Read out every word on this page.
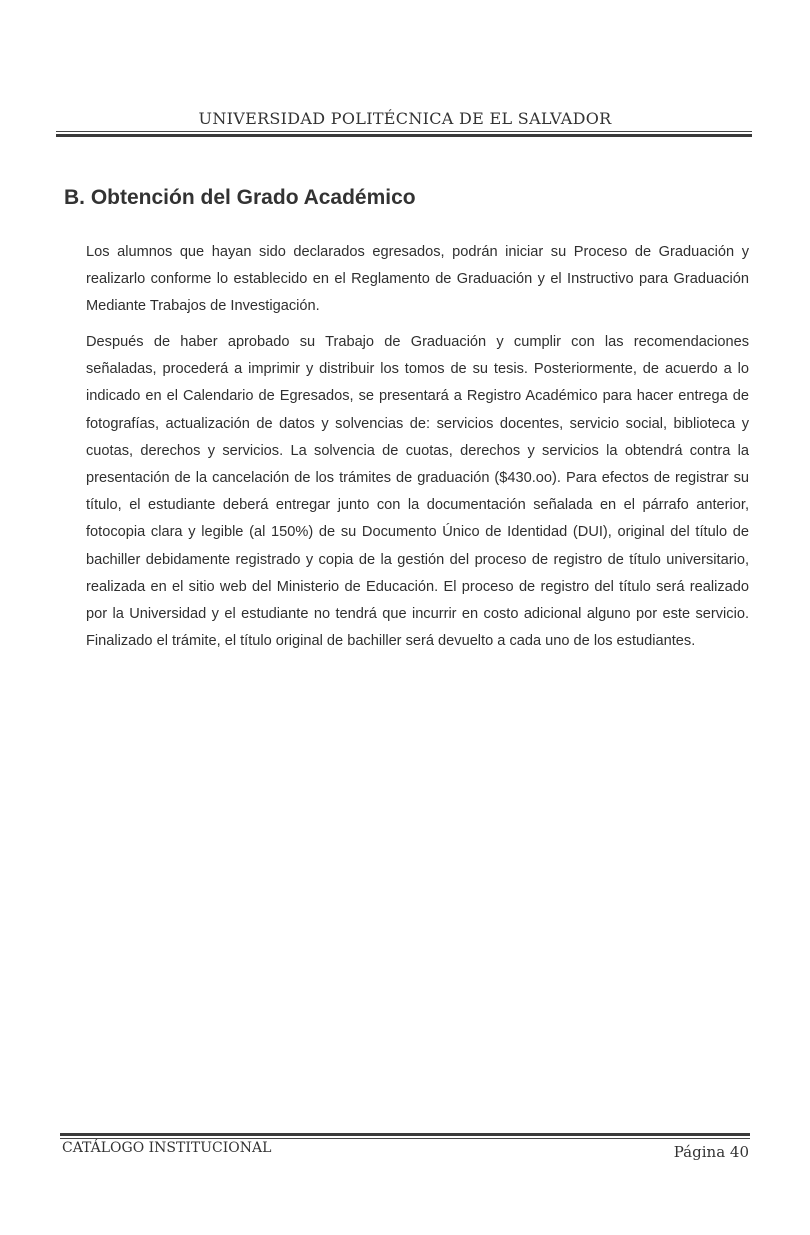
UNIVERSIDAD POLITÉCNICA DE EL SALVADOR
B. Obtención del Grado Académico

Los alumnos que hayan sido declarados egresados, podrán iniciar su Proceso de Graduación y realizarlo conforme lo establecido en el Reglamento de Graduación y el Instructivo para Graduación Mediante Trabajos de Investigación.

Después de haber aprobado su Trabajo de Graduación y cumplir con las recomendaciones señaladas, procederá a imprimir y distribuir los tomos de su tesis. Posteriormente, de acuerdo a lo indicado en el Calendario de Egresados, se presentará a Registro Académico para hacer entrega de fotografías, actualización de datos y solvencias de: servicios docentes, servicio social, biblioteca y cuotas, derechos y servicios. La solvencia de cuotas, derechos y servicios la obtendrá contra la presentación de la cancelación de los trámites de graduación ($430.oo). Para efectos de registrar su título, el estudiante deberá entregar junto con la documentación señalada en el párrafo anterior, fotocopia clara y legible (al 150%) de su Documento Único de Identidad (DUI), original del título de bachiller debidamente registrado y copia de la gestión del proceso de registro de título universitario, realizada en el sitio web del Ministerio de Educación. El proceso de registro del título será realizado por la Universidad y el estudiante no tendrá que incurrir en costo adicional alguno por este servicio. Finalizado el trámite, el título original de bachiller será devuelto a cada uno de los estudiantes.

CATÁLOGO INSTITUCIONAL	Página 40
